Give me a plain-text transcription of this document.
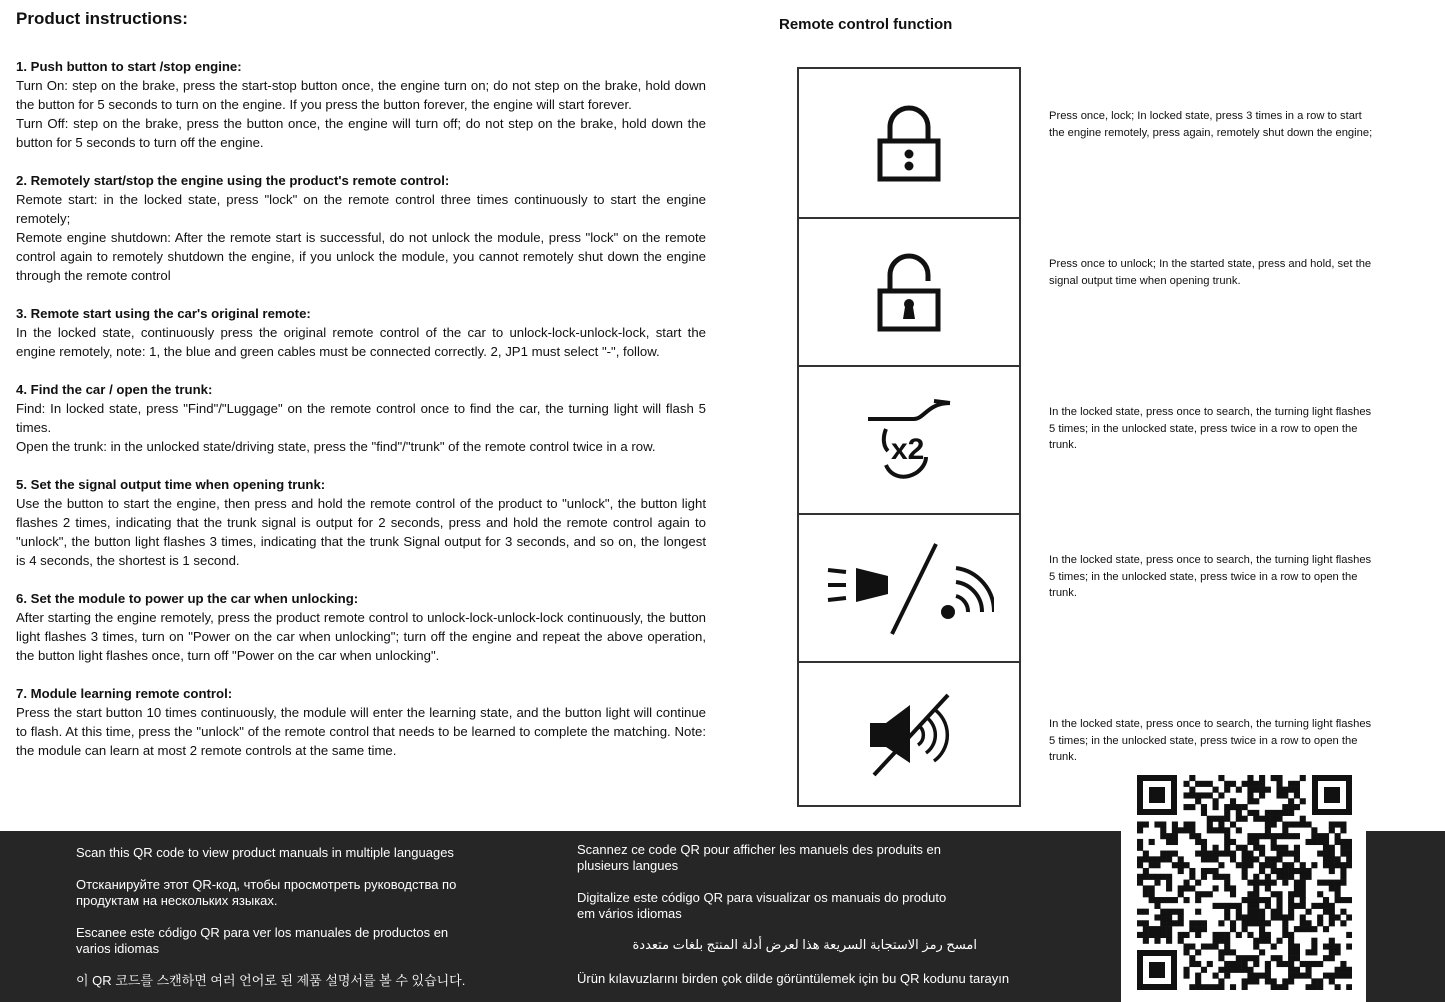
Product instructions:
1. Push button to start /stop engine:

Turn On: step on the brake, press the start-stop button once, the engine turn on; do not step on the brake, hold down the button for 5 seconds to turn on the engine. If you press the button forever, the engine will start forever.

Turn Off: step on the brake, press the button once, the engine will turn off; do not step on the brake, hold down the button for 5 seconds to turn off the engine.

2. Remotely start/stop the engine using the product's remote control:

Remote start: in the locked state, press "lock" on the remote control three times continuously to start the engine remotely;

Remote engine shutdown: After the remote start is successful, do not unlock the module, press "lock" on the remote control again to remotely shutdown the engine, if you unlock the module, you cannot remotely shut down the engine through the remote control

3. Remote start using the car's original remote:

In the locked state, continuously press the original remote control of the car to unlock-lock-unlock-lock, start the engine remotely, note: 1, the blue and green cables must be connected correctly. 2, JP1 must select "-", follow.

4. Find the car / open the trunk:

Find: In locked state, press "Find"/"Luggage" on the remote control once to find the car, the turning light will flash 5 times.

Open the trunk: in the unlocked state/driving state, press the "find"/"trunk" of the remote control twice in a row.

5. Set the signal output time when opening trunk:

Use the button to start the engine, then press and hold the remote control of the product to "unlock", the button light flashes 2 times, indicating that the trunk signal is output for 2 seconds, press and hold the remote control again to "unlock", the button light flashes 3 times, indicating that the trunk Signal output for 3 seconds, and so on, the longest is 4 seconds, the shortest is 1 second.

6. Set the module to power up the car when unlocking:

After starting the engine remotely, press the product remote control to unlock-lock-unlock-lock continuously, the button light flashes 3 times, turn on "Power on the car when unlocking"; turn off the engine and repeat the above operation, the button light flashes once, turn off "Power on the car when unlocking".

7. Module learning remote control:

Press the start button 10 times continuously, the module will enter the learning state, and the button light will continue to flash. At this time, press the "unlock" of the remote control that needs to be learned to complete the matching. Note: the module can learn at most 2 remote controls at the same time.

Remote control function
x2

Press once, lock; In locked state, press 3 times in a row to start the engine remotely, press again, remotely shut down the engine;

Press once to unlock; In the started state, press and hold, set the signal output time when opening trunk.

In the locked state, press once to search, the turning light flashes 5 times; in the unlocked state, press twice in a row to open the trunk.

In the locked state, press once to search, the turning light flashes 5 times; in the unlocked state, press twice in a row to open the trunk.

In the locked state, press once to search, the turning light flashes 5 times; in the unlocked state, press twice in a row to open the trunk.

Scan this QR code to view product manuals in multiple languages

Отсканируйте этот QR-код, чтобы просмотреть руководства по продуктам на нескольких языках.

Escanee este código QR para ver los manuales de productos en varios idiomas

이 QR 코드를 스캔하면 여러 언어로 된 제품 설명서를 볼 수 있습니다.

Scannez ce code QR pour afficher les manuels des produits en plusieurs langues

Digitalize este código QR para visualizar os manuais do produto em vários idiomas

امسح رمز الاستجابة السريعة هذا لعرض أدلة المنتج بلغات متعددة

Ürün kılavuzlarını birden çok dilde görüntülemek için bu QR kodunu tarayın
